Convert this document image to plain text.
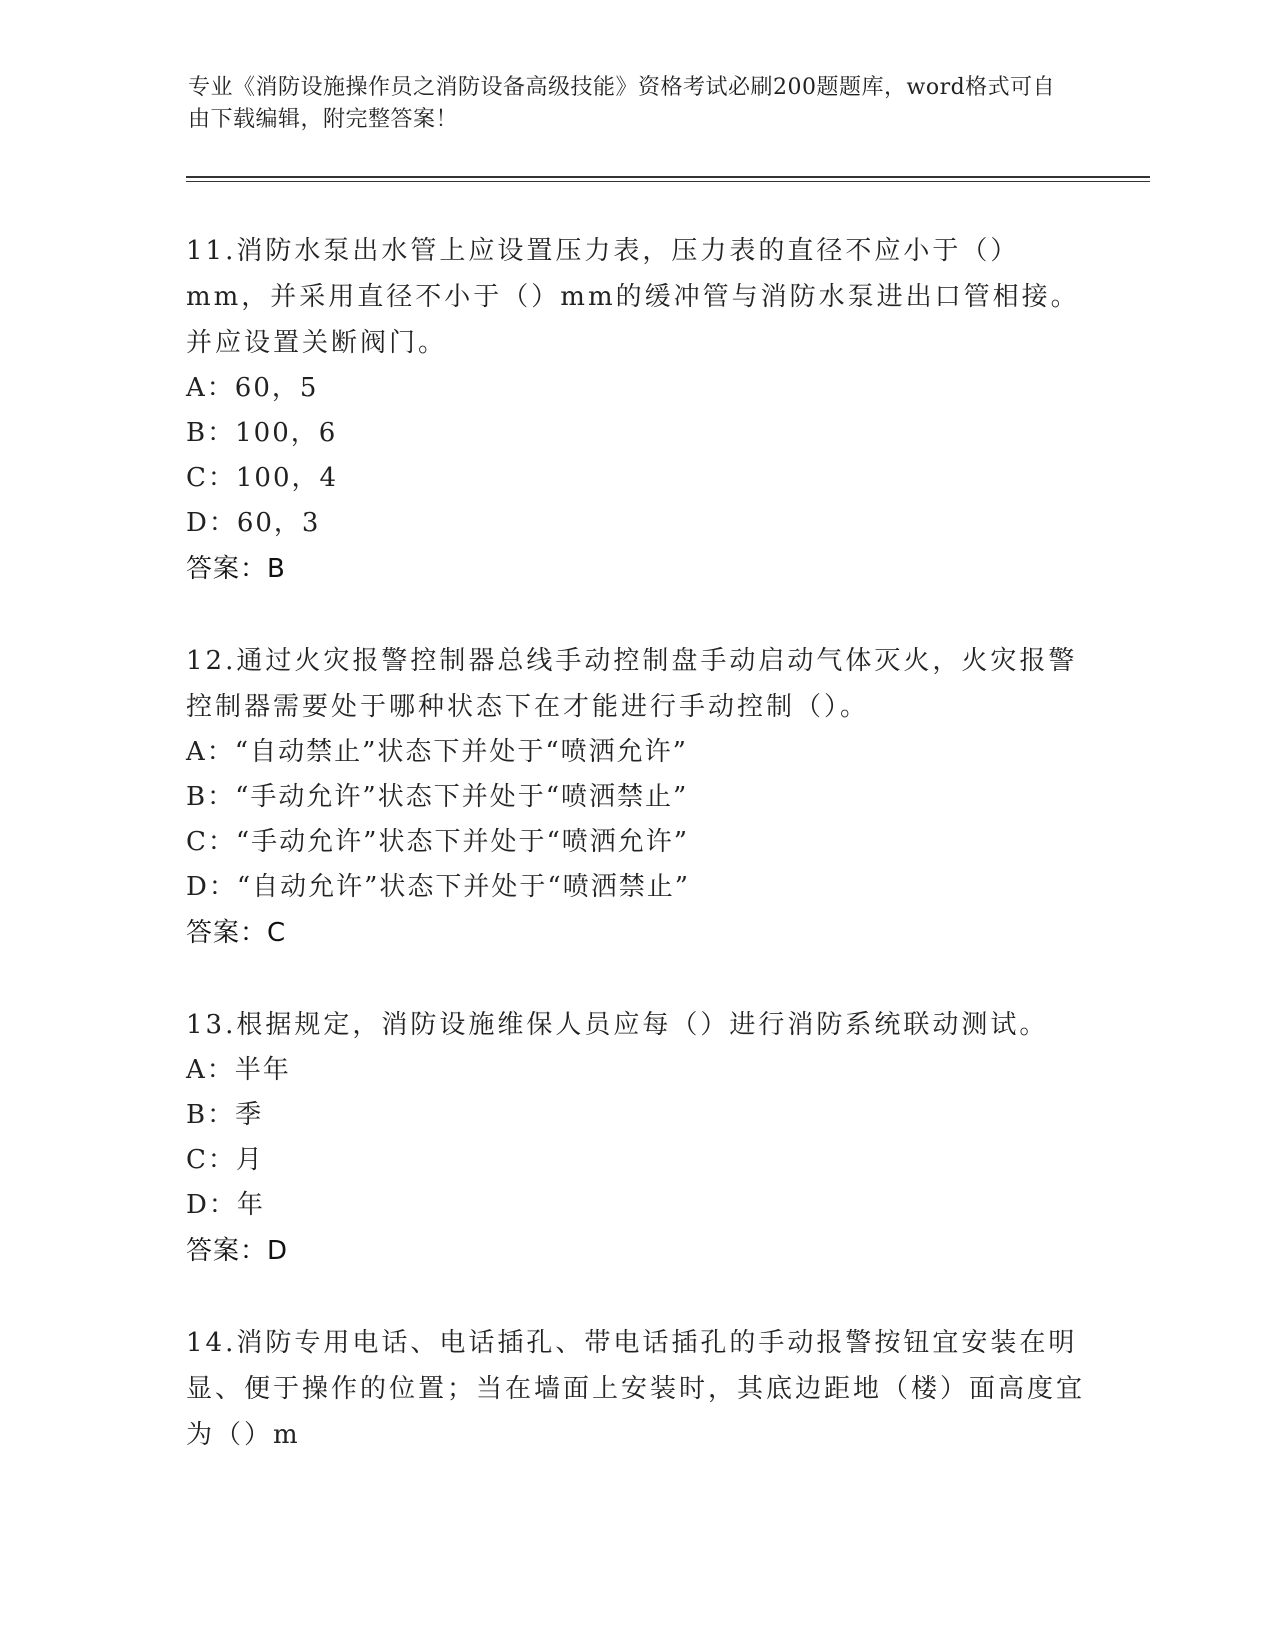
专业《消防设施操作员之消防设备高级技能》资格考试必刷200题题库，word格式可自由下载编辑，附完整答案！

11.消防水泵出水管上应设置压力表，压力表的直径不应小于（）mm，并采用直径不小于（）mm的缓冲管与消防水泵进出口管相接。并应设置关断阀门。

A：60，5

B：100，6

C：100，4

D：60，3

答案：B

12.通过火灾报警控制器总线手动控制盘手动启动气体灭火，火灾报警控制器需要处于哪种状态下在才能进行手动控制（）。

A：“自动禁止”状态下并处于“喷洒允许”

B：“手动允许”状态下并处于“喷洒禁止”

C：“手动允许”状态下并处于“喷洒允许”

D：“自动允许”状态下并处于“喷洒禁止”

答案：C

13.根据规定，消防设施维保人员应每（）进行消防系统联动测试。

A：半年

B：季

C：月

D：年

答案：D

14.消防专用电话、电话插孔、带电话插孔的手动报警按钮宜安装在明显、便于操作的位置；当在墙面上安装时，其底边距地（楼）面高度宜为（）m
